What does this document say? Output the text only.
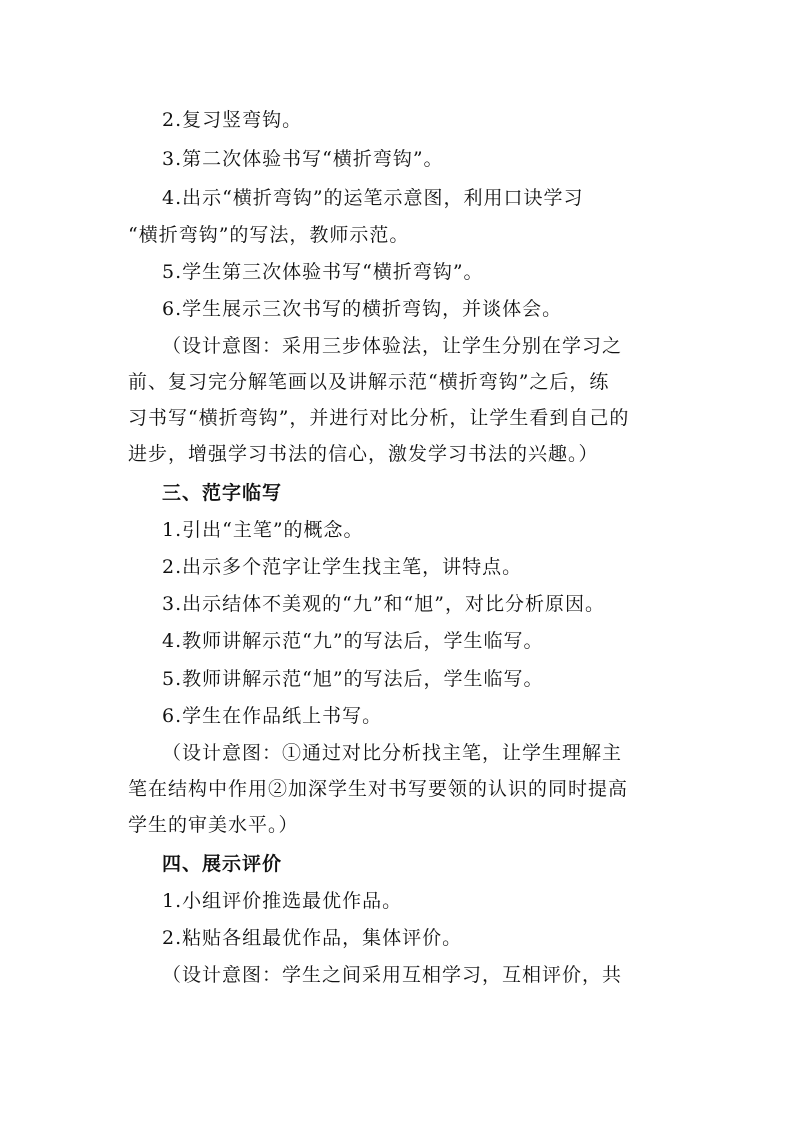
2.复习竖弯钩。
3.第二次体验书写“横折弯钩”。
4.出示“横折弯钩”的运笔示意图，利用口诀学习
“横折弯钩”的写法，教师示范。
5.学生第三次体验书写“横折弯钩”。
6.学生展示三次书写的横折弯钩，并谈体会。
（设计意图：采用三步体验法，让学生分别在学习之
前、复习完分解笔画以及讲解示范“横折弯钩”之后，练
习书写“横折弯钩”，并进行对比分析，让学生看到自己的
进步，增强学习书法的信心，激发学习书法的兴趣。）
三、范字临写
1.引出“主笔”的概念。
2.出示多个范字让学生找主笔，讲特点。
3.出示结体不美观的“九”和“旭”，对比分析原因。
4.教师讲解示范“九”的写法后，学生临写。
5.教师讲解示范“旭”的写法后，学生临写。
6.学生在作品纸上书写。
（设计意图：①通过对比分析找主笔，让学生理解主
笔在结构中作用②加深学生对书写要领的认识的同时提高
学生的审美水平。）
四、展示评价
1.小组评价推选最优作品。
2.粘贴各组最优作品，集体评价。
（设计意图：学生之间采用互相学习，互相评价，共
